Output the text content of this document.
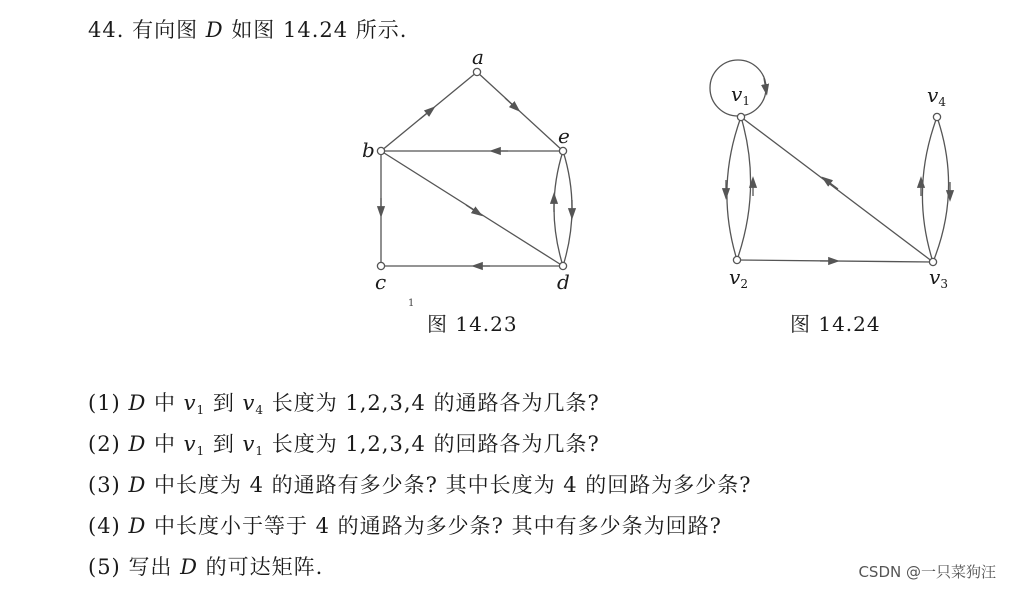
44. 有向图 D 如图 14.24 所示.
a
b
e
c	d
1
图 14.23
$v_1$	$v_4$
$v_2$	$v_3$
图 14.24
(1) D 中 $v_1$ 到 $v_4$ 长度为 1,2,3,4 的通路各为几条?
(2) D 中 $v_1$ 到 $v_1$ 长度为 1,2,3,4 的回路各为几条?
(3) D 中长度为 4 的通路有多少条? 其中长度为 4 的回路为多少条?
(4) D 中长度小于等于 4 的通路为多少条? 其中有多少条为回路?
(5) 写出 D 的可达矩阵.	CSDN @一只菜狗汪
